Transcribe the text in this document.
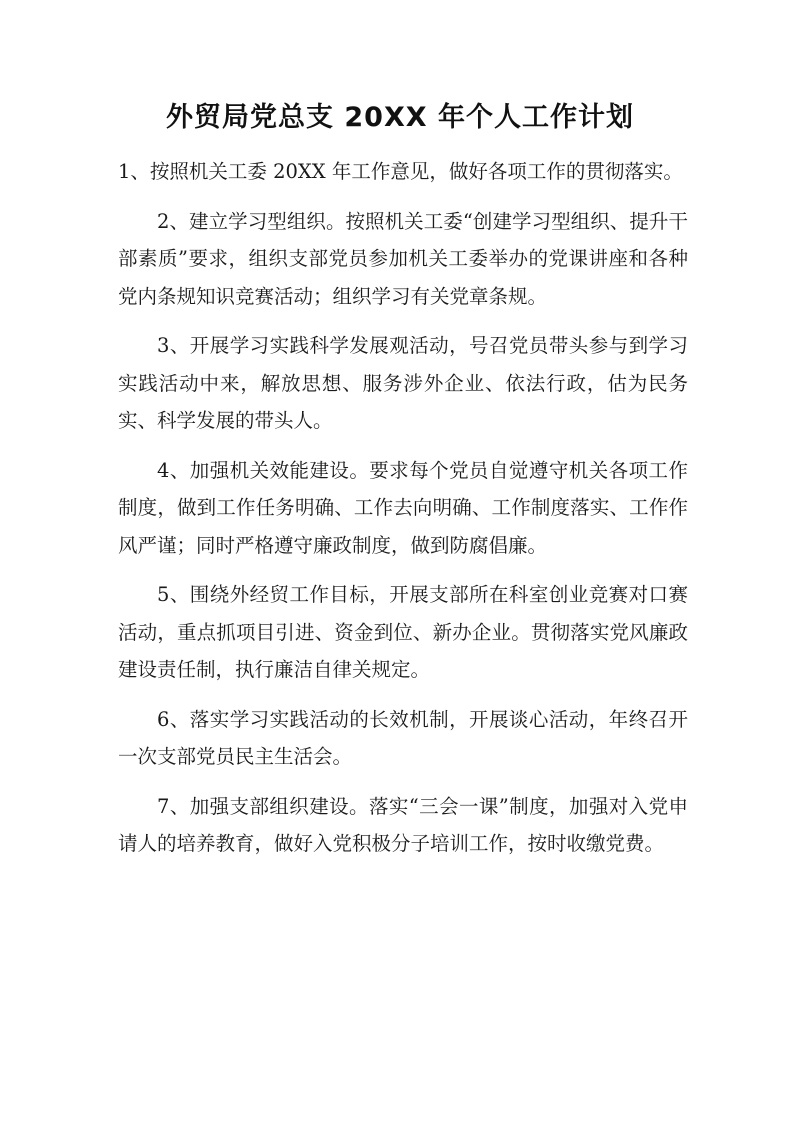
外贸局党总支 20XX 年个人工作计划

1、按照机关工委 20XX 年工作意见，做好各项工作的贯彻落实。

2、建立学习型组织。按照机关工委“创建学习型组织、提升干部素质”要求，组织支部党员参加机关工委举办的党课讲座和各种党内条规知识竞赛活动；组织学习有关党章条规。

3、开展学习实践科学发展观活动，号召党员带头参与到学习实践活动中来，解放思想、服务涉外企业、依法行政，估为民务实、科学发展的带头人。

4、加强机关效能建设。要求每个党员自觉遵守机关各项工作制度，做到工作任务明确、工作去向明确、工作制度落实、工作作风严谨；同时严格遵守廉政制度，做到防腐倡廉。

5、围绕外经贸工作目标，开展支部所在科室创业竞赛对口赛活动，重点抓项目引进、资金到位、新办企业。贯彻落实党风廉政建设责任制，执行廉洁自律关规定。

6、落实学习实践活动的长效机制，开展谈心活动，年终召开一次支部党员民主生活会。

7、加强支部组织建设。落实“三会一课”制度，加强对入党申请人的培养教育，做好入党积极分子培训工作，按时收缴党费。
